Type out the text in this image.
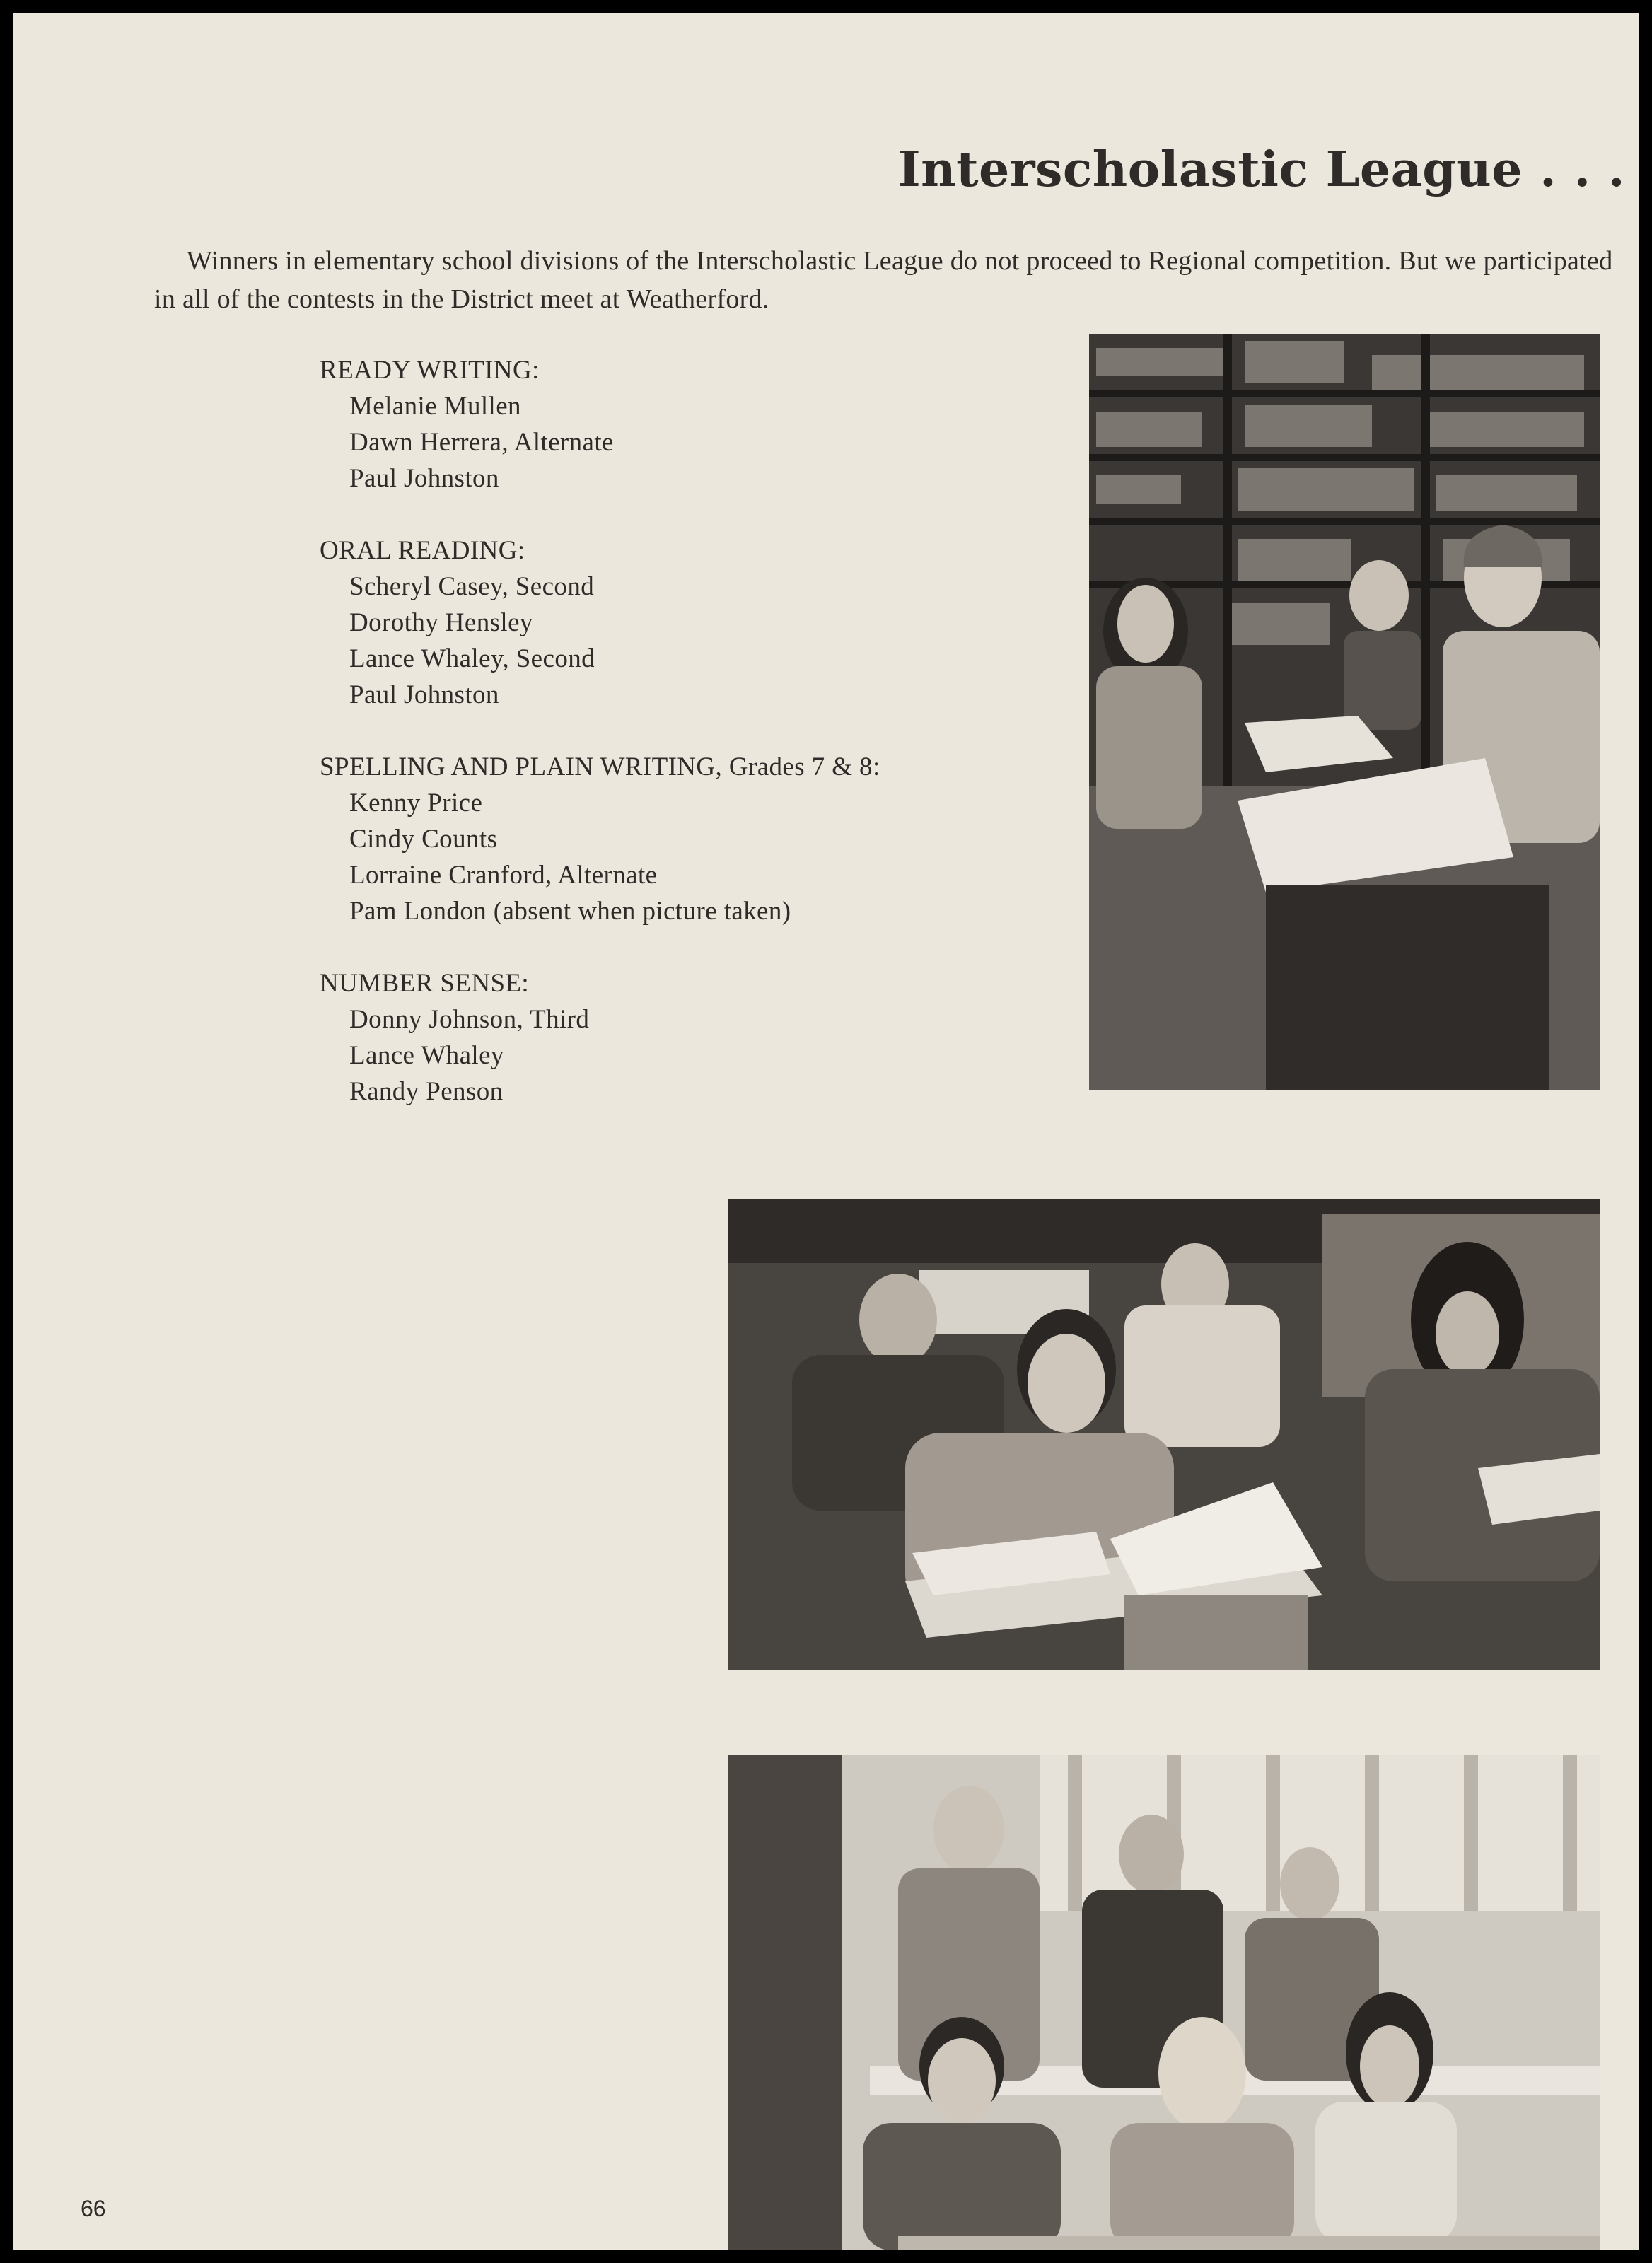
Interscholastic League . . .

Winners in elementary school divisions of the Interscholastic League do not proceed to Regional competition. But we participated in all of the contests in the District meet at Weatherford.

READY WRITING:
Melanie Mullen
Dawn Herrera, Alternate
Paul Johnston
ORAL READING:
Scheryl Casey, Second
Dorothy Hensley
Lance Whaley, Second
Paul Johnston
SPELLING AND PLAIN WRITING, Grades 7 & 8:
Kenny Price
Cindy Counts
Lorraine Cranford, Alternate
Pam London (absent when picture taken)
NUMBER SENSE:
Donny Johnson, Third
Lance Whaley
Randy Penson
66
